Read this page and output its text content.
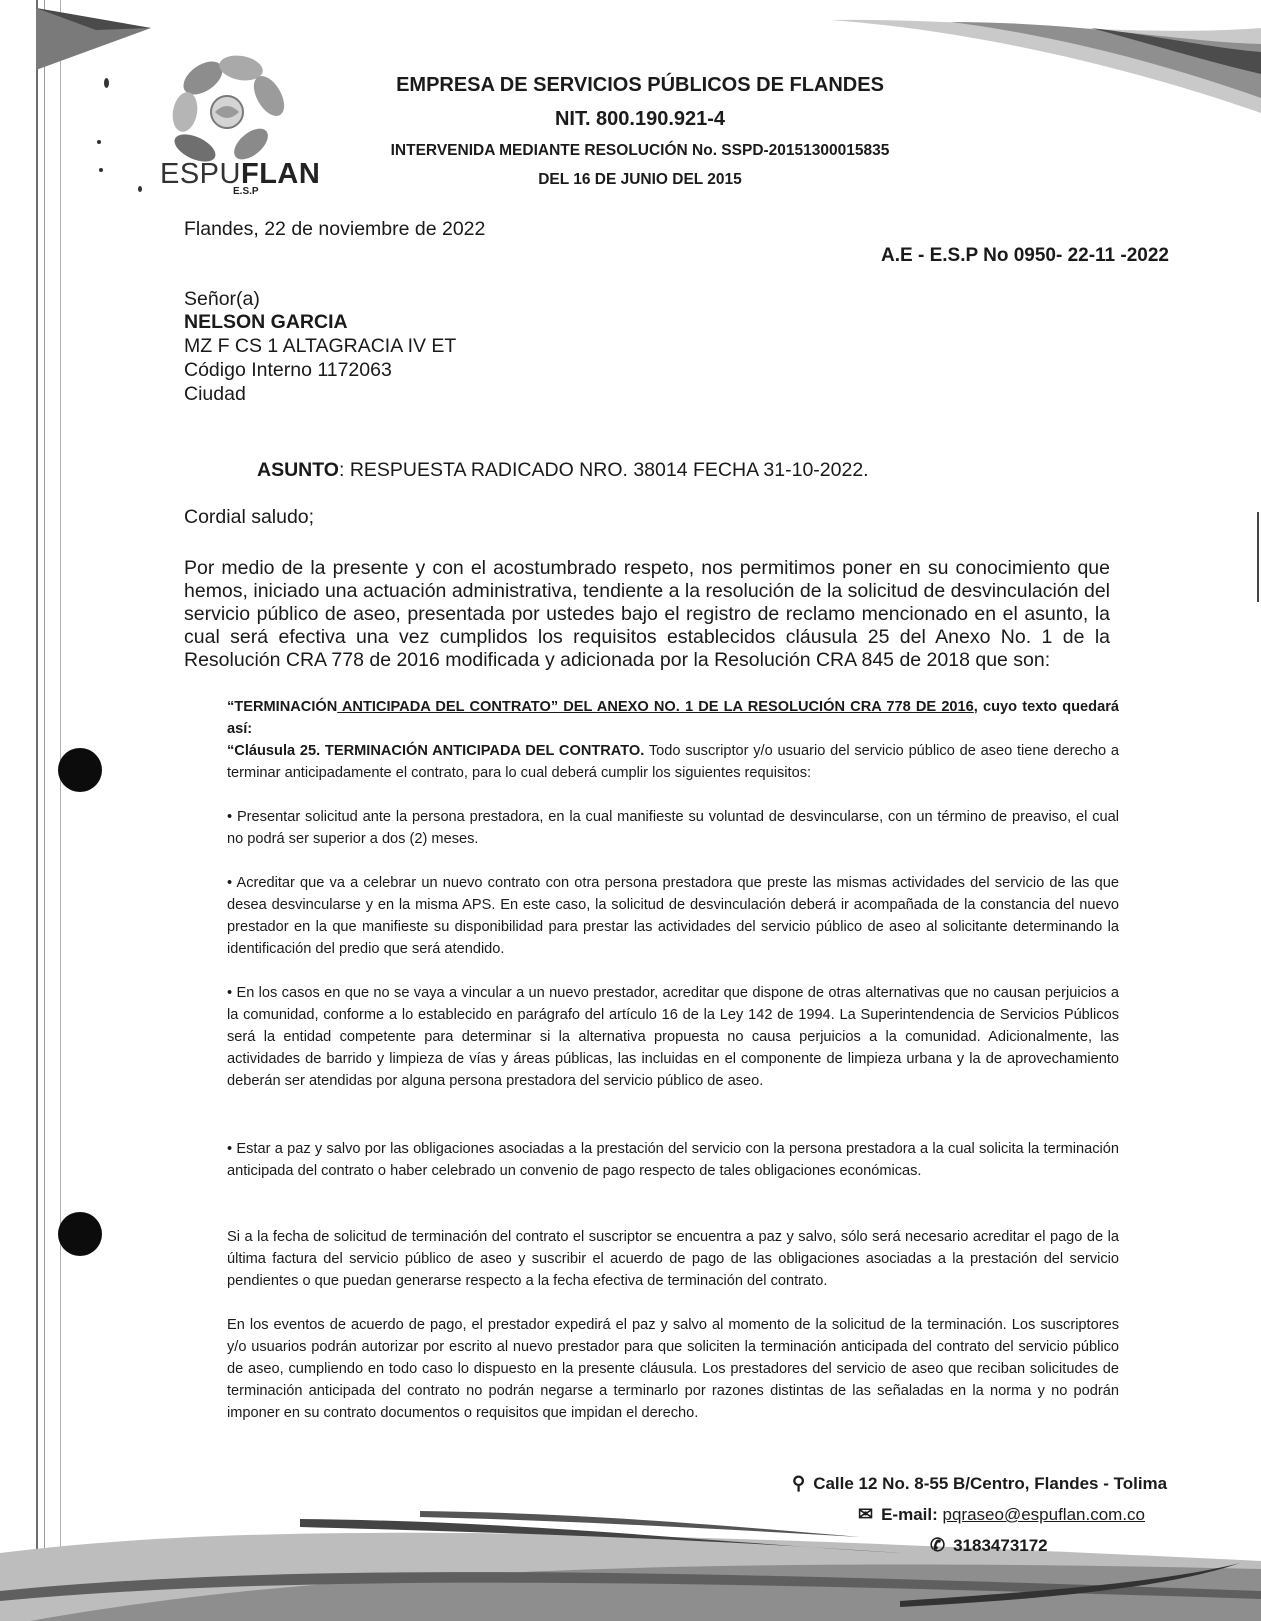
ESPUFLAN
E.S.P
EMPRESA DE SERVICIOS PÚBLICOS DE FLANDES
NIT. 800.190.921-4
INTERVENIDA MEDIANTE RESOLUCIÓN No. SSPD-20151300015835
DEL 16 DE JUNIO DEL 2015
Flandes, 22 de noviembre de 2022
A.E - E.S.P No 0950- 22-11 -2022
Señor(a)
NELSON GARCIA
MZ F CS 1 ALTAGRACIA IV ET
Código Interno 1172063
Ciudad
ASUNTO: RESPUESTA RADICADO NRO. 38014 FECHA 31-10-2022.
Cordial saludo;
Por medio de la presente y con el acostumbrado respeto, nos permitimos poner en su conocimiento que hemos, iniciado una actuación administrativa, tendiente a la resolución de la solicitud de desvinculación del servicio público de aseo, presentada por ustedes bajo el registro de reclamo mencionado en el asunto, la cual será efectiva una vez cumplidos los requisitos establecidos cláusula 25 del Anexo No. 1 de la Resolución CRA 778 de 2016 modificada y adicionada por la Resolución CRA 845 de 2018 que son:
“TERMINACIÓN ANTICIPADA DEL CONTRATO” DEL ANEXO NO. 1 DE LA RESOLUCIÓN CRA 778 DE 2016, cuyo texto quedará así:
“Cláusula 25. TERMINACIÓN ANTICIPADA DEL CONTRATO. Todo suscriptor y/o usuario del servicio público de aseo tiene derecho a terminar anticipadamente el contrato, para lo cual deberá cumplir los siguientes requisitos:
• Presentar solicitud ante la persona prestadora, en la cual manifieste su voluntad de desvincularse, con un término de preaviso, el cual no podrá ser superior a dos (2) meses.
• Acreditar que va a celebrar un nuevo contrato con otra persona prestadora que preste las mismas actividades del servicio de las que desea desvincularse y en la misma APS. En este caso, la solicitud de desvinculación deberá ir acompañada de la constancia del nuevo prestador en la que manifieste su disponibilidad para prestar las actividades del servicio público de aseo al solicitante determinando la identificación del predio que será atendido.
• En los casos en que no se vaya a vincular a un nuevo prestador, acreditar que dispone de otras alternativas que no causan perjuicios a la comunidad, conforme a lo establecido en parágrafo del artículo 16 de la Ley 142 de 1994. La Superintendencia de Servicios Públicos será la entidad competente para determinar si la alternativa propuesta no causa perjuicios a la comunidad. Adicionalmente, las actividades de barrido y limpieza de vías y áreas públicas, las incluidas en el componente de limpieza urbana y la de aprovechamiento deberán ser atendidas por alguna persona prestadora del servicio público de aseo.
• Estar a paz y salvo por las obligaciones asociadas a la prestación del servicio con la persona prestadora a la cual solicita la terminación anticipada del contrato o haber celebrado un convenio de pago respecto de tales obligaciones económicas.
Si a la fecha de solicitud de terminación del contrato el suscriptor se encuentra a paz y salvo, sólo será necesario acreditar el pago de la última factura del servicio público de aseo y suscribir el acuerdo de pago de las obligaciones asociadas a la prestación del servicio pendientes o que puedan generarse respecto a la fecha efectiva de terminación del contrato.
En los eventos de acuerdo de pago, el prestador expedirá el paz y salvo al momento de la solicitud de la terminación. Los suscriptores y/o usuarios podrán autorizar por escrito al nuevo prestador para que soliciten la terminación anticipada del contrato del servicio público de aseo, cumpliendo en todo caso lo dispuesto en la presente cláusula. Los prestadores del servicio de aseo que reciban solicitudes de terminación anticipada del contrato no podrán negarse a terminarlo por razones distintas de las señaladas en la norma y no podrán imponer en su contrato documentos o requisitos que impidan el derecho.
⚲ Calle 12 No. 8-55 B/Centro, Flandes - Tolima
✉ E-mail: pqraseo@espuflan.com.co
✆ 3183473172
